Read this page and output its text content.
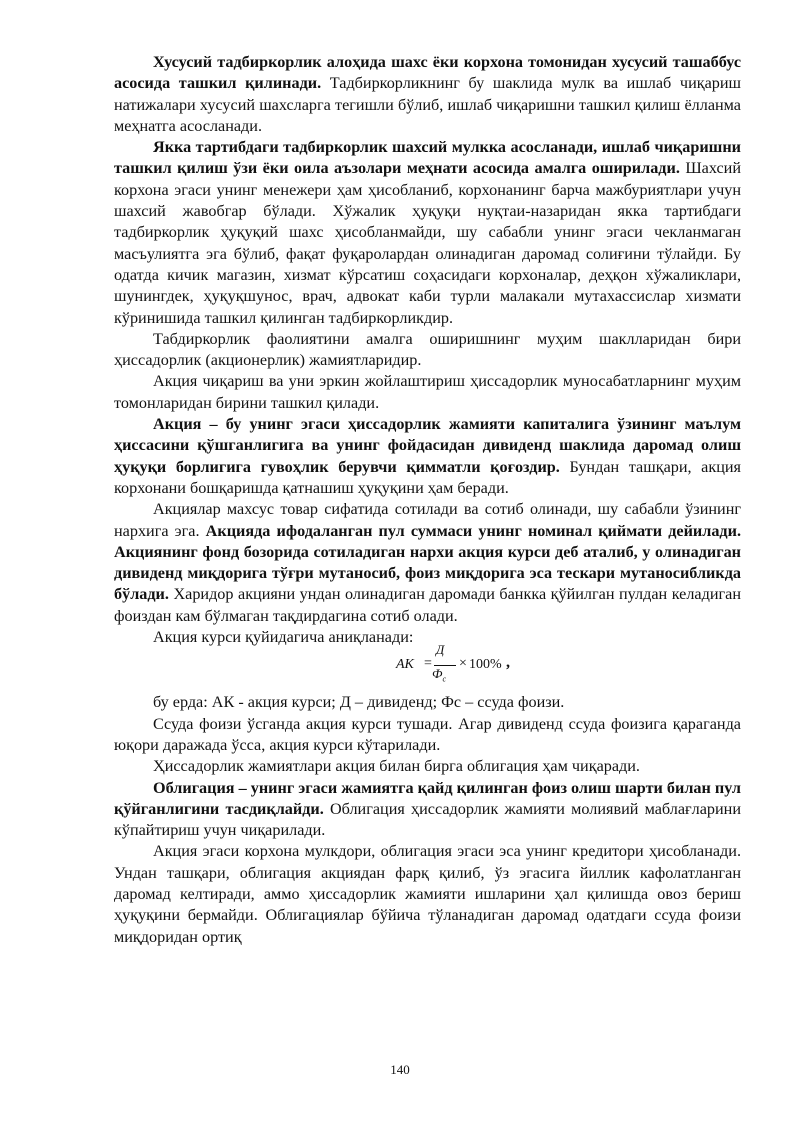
Хусусий тадбиркорлик алоҳида шахс ёки корхона томонидан хусусий ташаббус асосида ташкил қилинади. Тадбиркорликнинг бу шаклида мулк ва ишлаб чиқариш натижалари хусусий шахсларга тегишли бўлиб, ишлаб чиқаришни ташкил қилиш ёлланма меҳнатга асосланади.

Якка тартибдаги тадбиркорлик шахсий мулкка асосланади, ишлаб чиқаришни ташкил қилиш ўзи ёки оила аъзолари меҳнати асосида амалга оширилади. Шахсий корхона эгаси унинг менежери ҳам ҳисобланиб, корхонанинг барча мажбуриятлари учун шахсий жавобгар бўлади. Хўжалик ҳуқуқи нуқтаи-назаридан якка тартибдаги тадбиркорлик ҳуқуқий шахс ҳисобланмайди, шу сабабли унинг эгаси чекланмаган масъулиятга эга бўлиб, фақат фуқаролардан олинадиган даромад солиғини тўлайди. Бу одатда кичик магазин, хизмат кўрсатиш соҳасидаги корхоналар, деҳқон хўжаликлари, шунингдек, ҳуқуқшунос, врач, адвокат каби турли малакали мутахассислар хизмати кўринишида ташкил қилинган тадбиркорликдир.

Табдиркорлик фаолиятини амалга оширишнинг муҳим шаклларидан бири ҳиссадорлик (акционерлик) жамиятларидир.

Акция чиқариш ва уни эркин жойлаштириш ҳиссадорлик муносабатларнинг муҳим томонларидан бирини ташкил қилади.

Акция – бу унинг эгаси ҳиссадорлик жамияти капиталига ўзининг маълум ҳиссасини қўшганлигига ва унинг фойдасидан дивиденд шаклида даромад олиш ҳуқуқи борлигига гувоҳлик берувчи қимматли қоғоздир. Бундан ташқари, акция корхонани бошқаришда қатнашиш ҳуқуқини ҳам беради.

Акциялар махсус товар сифатида сотилади ва сотиб олинади, шу сабабли ўзининг нархига эга. Акцияда ифодаланган пул суммаси унинг номинал қиймати дейилади. Акциянинг фонд бозорида сотиладиган нархи акция курси деб аталиб, у олинадиган дивиденд миқдорига тўғри мутаносиб, фоиз миқдорига эса тескари мутаносибликда бўлади. Харидор акцияни ундан олинадиган даромади банкка қўйилган пулдан келадиган фоиздан кам бўлмаган тақдирдагина сотиб олади.

Акция курси қуйидагича аниқланади:

АК =
Д
$Ф_с$
× 100% ,

бу ерда: АК - акция курси; Д – дивиденд; Фс – ссуда фоизи.

Ссуда фоизи ўсганда акция курси тушади. Агар дивиденд ссуда фоизига қараганда юқори даражада ўсса, акция курси кўтарилади.

Ҳиссадорлик жамиятлари акция билан бирга облигация ҳам чиқаради.

Облигация – унинг эгаси жамиятга қайд қилинган фоиз олиш шарти билан пул қўйганлигини тасдиқлайди. Облигация ҳиссадорлик жамияти молиявий маблағларини кўпайтириш учун чиқарилади.

Акция эгаси корхона мулкдори, облигация эгаси эса унинг кредитори ҳисобланади. Ундан ташқари, облигация акциядан фарқ қилиб, ўз эгасига йиллик кафолатланган даромад келтиради, аммо ҳиссадорлик жамияти ишларини ҳал қилишда овоз бериш ҳуқуқини бермайди. Облигациялар бўйича тўланадиган даромад одатдаги ссуда фоизи миқдоридан ортиқ

140
